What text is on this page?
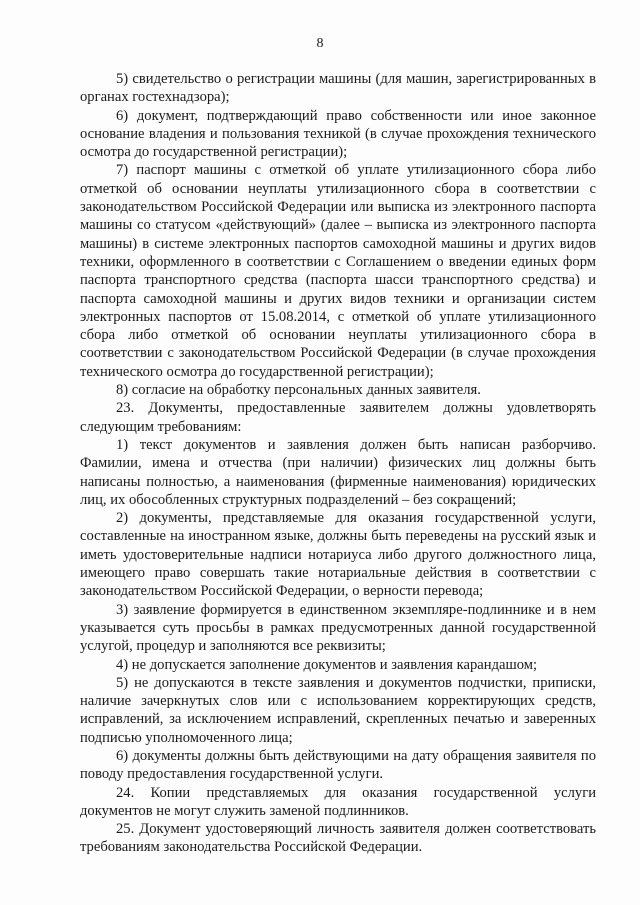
8

5) свидетельство о регистрации машины (для машин, зарегистрированных в органах гостехнадзора);

6) документ, подтверждающий право собственности или иное законное основание владения и пользования техникой (в случае прохождения технического осмотра до государственной регистрации);

7) паспорт машины с отметкой об уплате утилизационного сбора либо отметкой об основании неуплаты утилизационного сбора в соответствии с законодательством Российской Федерации или выписка из электронного паспорта машины со статусом «действующий» (далее – выписка из электронного паспорта машины) в системе электронных паспортов самоходной машины и других видов техники, оформленного в соответствии с Соглашением о введении единых форм паспорта транспортного средства (паспорта шасси транспортного средства) и паспорта самоходной машины и других видов техники и организации систем электронных паспортов от 15.08.2014, с отметкой об уплате утилизационного сбора либо отметкой об основании неуплаты утилизационного сбора в соответствии с законодательством Российской Федерации (в случае прохождения технического осмотра до государственной регистрации);

8) согласие на обработку персональных данных заявителя.

23. Документы, предоставленные заявителем должны удовлетворять следующим требованиям:

1) текст документов и заявления должен быть написан разборчиво. Фамилии, имена и отчества (при наличии) физических лиц должны быть написаны полностью, а наименования (фирменные наименования) юридических лиц, их обособленных структурных подразделений – без сокращений;

2) документы, представляемые для оказания государственной услуги, составленные на иностранном языке, должны быть переведены на русский язык и иметь удостоверительные надписи нотариуса либо другого должностного лица, имеющего право совершать такие нотариальные действия в соответствии с законодательством Российской Федерации, о верности перевода;

3) заявление формируется в единственном экземпляре-подлиннике и в нем указывается суть просьбы в рамках предусмотренных данной государственной услугой, процедур и заполняются все реквизиты;

4) не допускается заполнение документов и заявления карандашом;

5) не допускаются в тексте заявления и документов подчистки, приписки, наличие зачеркнутых слов или с использованием корректирующих средств, исправлений, за исключением исправлений, скрепленных печатью и заверенных подписью уполномоченного лица;

6) документы должны быть действующими на дату обращения заявителя по поводу предоставления государственной услуги.

24. Копии представляемых для оказания государственной услуги документов не могут служить заменой подлинников.

25. Документ удостоверяющий личность заявителя должен соответствовать требованиям законодательства Российской Федерации.
